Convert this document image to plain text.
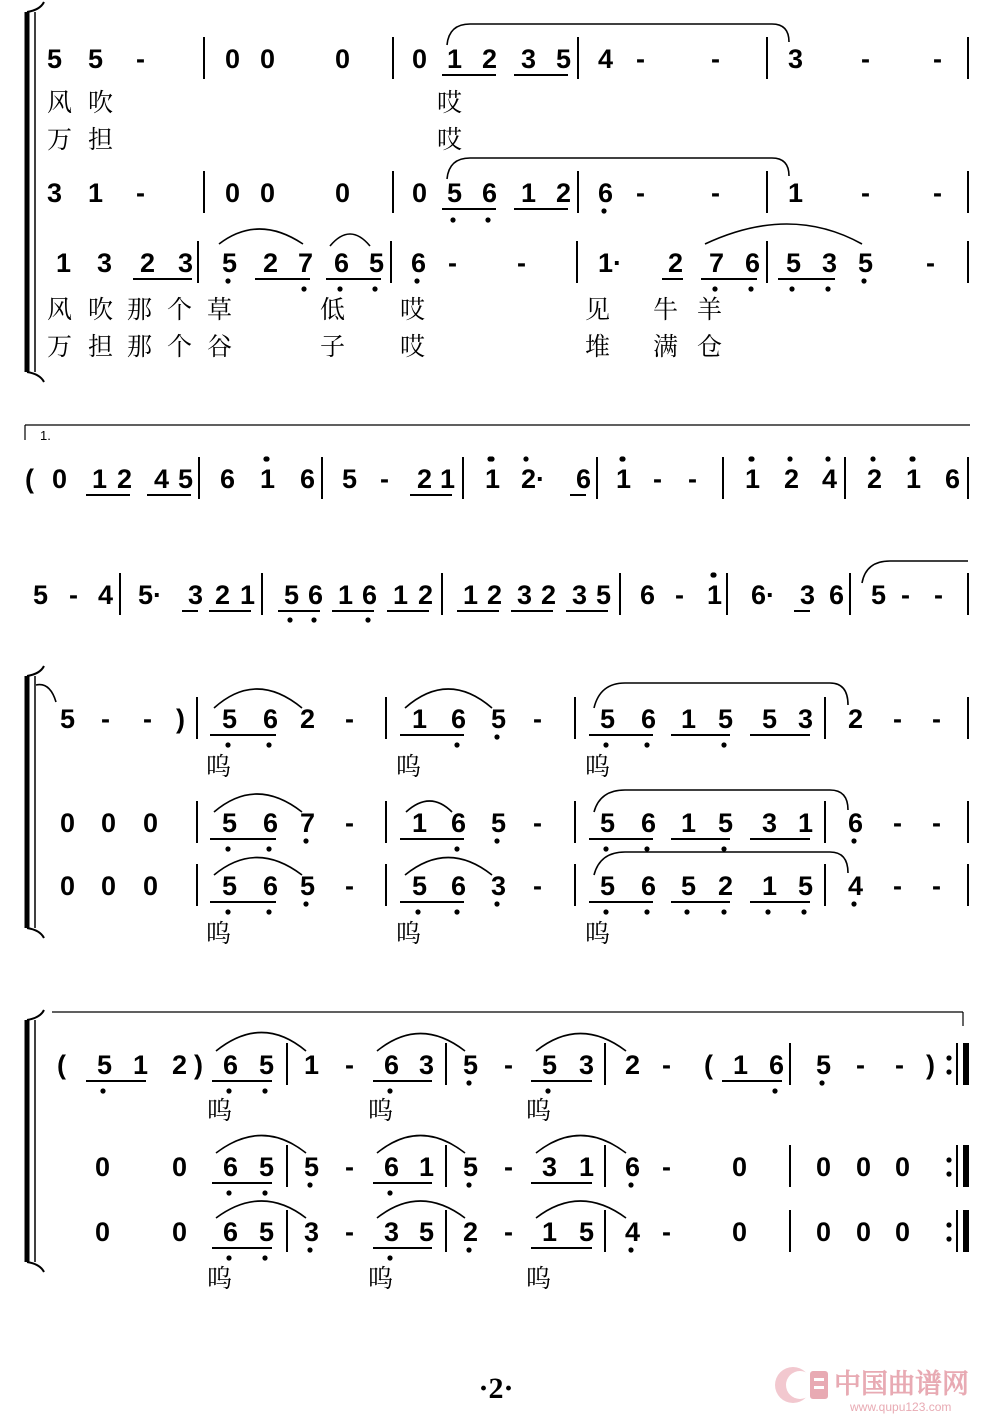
5 5 -	0 0 0 0 1 2 3 5 4 - -	3 - -
3 1 -	0 0 0 0 5 6 1 2 6 - -	1 - -
1 3 2 3 5 2 7 6 5 6 - -	1· 2 7 6 5 3 5 -
( 0 1 2 4 5 6 1 6 5 - 2 1 1 2· 6 1 - - 1 2 4 2 1 6
5 - 4 5· 3 2 1 5 6 1 6 1 2 1 2 3 2 3 5 6 - 1 6· 3 6 5 - -
5 - - ) 5 6 2 - 1 6 5 - 5 6 1 5 5 3 2 - -
0 0 0 5 6 7 - 1 6 5 - 5 6 1 5 3 1 6 - -
0 0 0 5 6 5 - 5 6 3 - 5 6 5 2 1 5 4 - -
( 5 1 2 ) 6 5 1 - 6 3 5 - 5 3 2 - ( 1 6 5 - - )
0 0 6 5 5 - 6 1 5 - 3 1 6 - 0	0 0 0
0 0 6 5 3 - 3 5 2 - 1 5 4 - 0	0 0 0
风 吹	哎
万 担	哎
风 吹 那 个 草	低 哎	见 牛 羊
万 担 那 个 谷	子 哎	堆 满 仓
呜	呜	呜
呜	呜	呜
呜	呜	呜
呜	呜	呜
1.
·2·	中国曲谱网
www.qupu123.com
